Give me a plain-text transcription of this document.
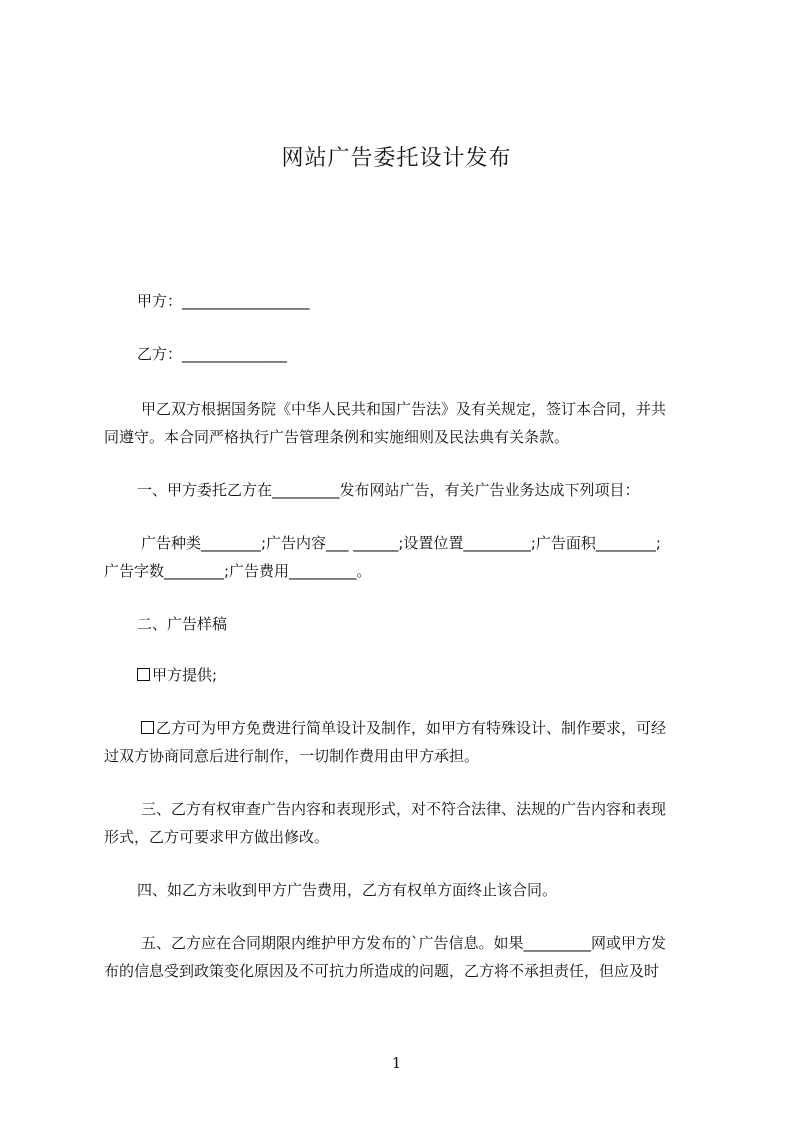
网站广告委托设计发布

甲方：_________________

乙方：______________

甲乙双方根据国务院《中华人民共和国广告法》及有关规定，签订本合同，并共

同遵守。本合同严格执行广告管理条例和实施细则及民法典有关条款。

一、甲方委托乙方在_________发布网站广告，有关广告业务达成下列项目：

广告种类________;广告内容___ ______;设置位置_________;广告面积________;

广告字数________;广告费用_________。

二、广告样稿

甲方提供;

乙方可为甲方免费进行简单设计及制作，如甲方有特殊设计、制作要求，可经

过双方协商同意后进行制作，一切制作费用由甲方承担。

三、乙方有权审查广告内容和表现形式，对不符合法律、法规的广告内容和表现

形式，乙方可要求甲方做出修改。

四、如乙方未收到甲方广告费用，乙方有权单方面终止该合同。

五、乙方应在合同期限内维护甲方发布的`广告信息。如果_________网或甲方发

布的信息受到政策变化原因及不可抗力所造成的问题，乙方将不承担责任，但应及时

1
